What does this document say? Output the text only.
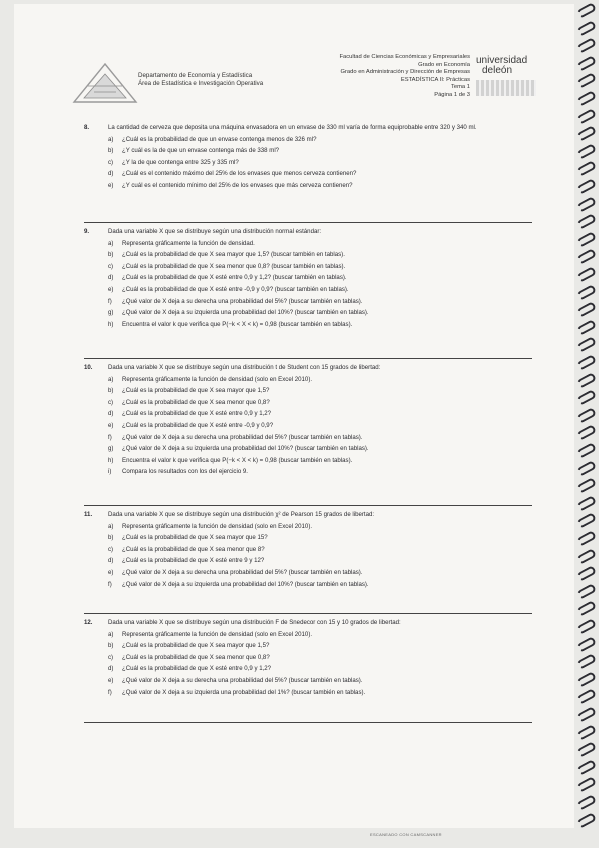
Departamento de Economía y Estadística
Área de Estadística e Investigación Operativa
Facultad de Ciencias Económicas y Empresariales
Grado en Economía
Grado en Administración y Dirección de Empresas
ESTADÍSTICA II: Prácticas
Tema 1
Página 1 de 3
universidad
deleón
8.	La cantidad de cerveza que deposita una máquina envasadora en un envase de 330 ml varía de forma equiprobable entre 320 y 340 ml.
a)	¿Cuál es la probabilidad de que un envase contenga menos de 326 ml?
b)	¿Y cuál es la de que un envase contenga más de 338 ml?
c)	¿Y la de que contenga entre 325 y 335 ml?
d)	¿Cuál es el contenido máximo del 25% de los envases que menos cerveza contienen?
e)	¿Y cuál es el contenido mínimo del 25% de los envases que más cerveza contienen?
9.	Dada una variable X que se distribuye según una distribución normal estándar:
a)	Representa gráficamente la función de densidad.
b)	¿Cuál es la probabilidad de que X sea mayor que 1,5? (buscar también en tablas).
c)	¿Cuál es la probabilidad de que X sea menor que 0,8? (buscar también en tablas).
d)	¿Cuál es la probabilidad de que X esté entre 0,9 y 1,2? (buscar también en tablas).
e)	¿Cuál es la probabilidad de que X esté entre -0,9 y 0,9? (buscar también en tablas).
f)	¿Qué valor de X deja a su derecha una probabilidad del 5%? (buscar también en tablas).
g)	¿Qué valor de X deja a su izquierda una probabilidad del 10%? (buscar también en tablas).
h)	Encuentra el valor k que verifica que P(−k < X < k) = 0,98 (buscar también en tablas).
10.	Dada una variable X que se distribuye según una distribución t de Student con 15 grados de libertad:
a)	Representa gráficamente la función de densidad (solo en Excel 2010).
b)	¿Cuál es la probabilidad de que X sea mayor que 1,5?
c)	¿Cuál es la probabilidad de que X sea menor que 0,8?
d)	¿Cuál es la probabilidad de que X esté entre 0,9 y 1,2?
e)	¿Cuál es la probabilidad de que X esté entre -0,9 y 0,9?
f)	¿Qué valor de X deja a su derecha una probabilidad del 5%? (buscar también en tablas).
g)	¿Qué valor de X deja a su izquierda una probabilidad del 10%? (buscar también en tablas).
h)	Encuentra el valor k que verifica que P(−k < X < k) = 0,98 (buscar también en tablas).
i)	Compara los resultados con los del ejercicio 9.
11.	Dada una variable X que se distribuye según una distribución χ² de Pearson 15 grados de libertad:
a)	Representa gráficamente la función de densidad (solo en Excel 2010).
b)	¿Cuál es la probabilidad de que X sea mayor que 15?
c)	¿Cuál es la probabilidad de que X sea menor que 8?
d)	¿Cuál es la probabilidad de que X esté entre 9 y 12?
e)	¿Qué valor de X deja a su derecha una probabilidad del 5%? (buscar también en tablas).
f)	¿Qué valor de X deja a su izquierda una probabilidad del 10%? (buscar también en tablas).
12.	Dada una variable X que se distribuye según una distribución F de Snedecor con 15 y 10 grados de libertad:
a)	Representa gráficamente la función de densidad (solo en Excel 2010).
b)	¿Cuál es la probabilidad de que X sea mayor que 1,5?
c)	¿Cuál es la probabilidad de que X sea menor que 0,8?
d)	¿Cuál es la probabilidad de que X esté entre 0,9 y 1,2?
e)	¿Qué valor de X deja a su derecha una probabilidad del 5%? (buscar también en tablas).
f)	¿Qué valor de X deja a su izquierda una probabilidad del 1%? (buscar también en tablas).
ESCANEADO CON CAMSCANNER
